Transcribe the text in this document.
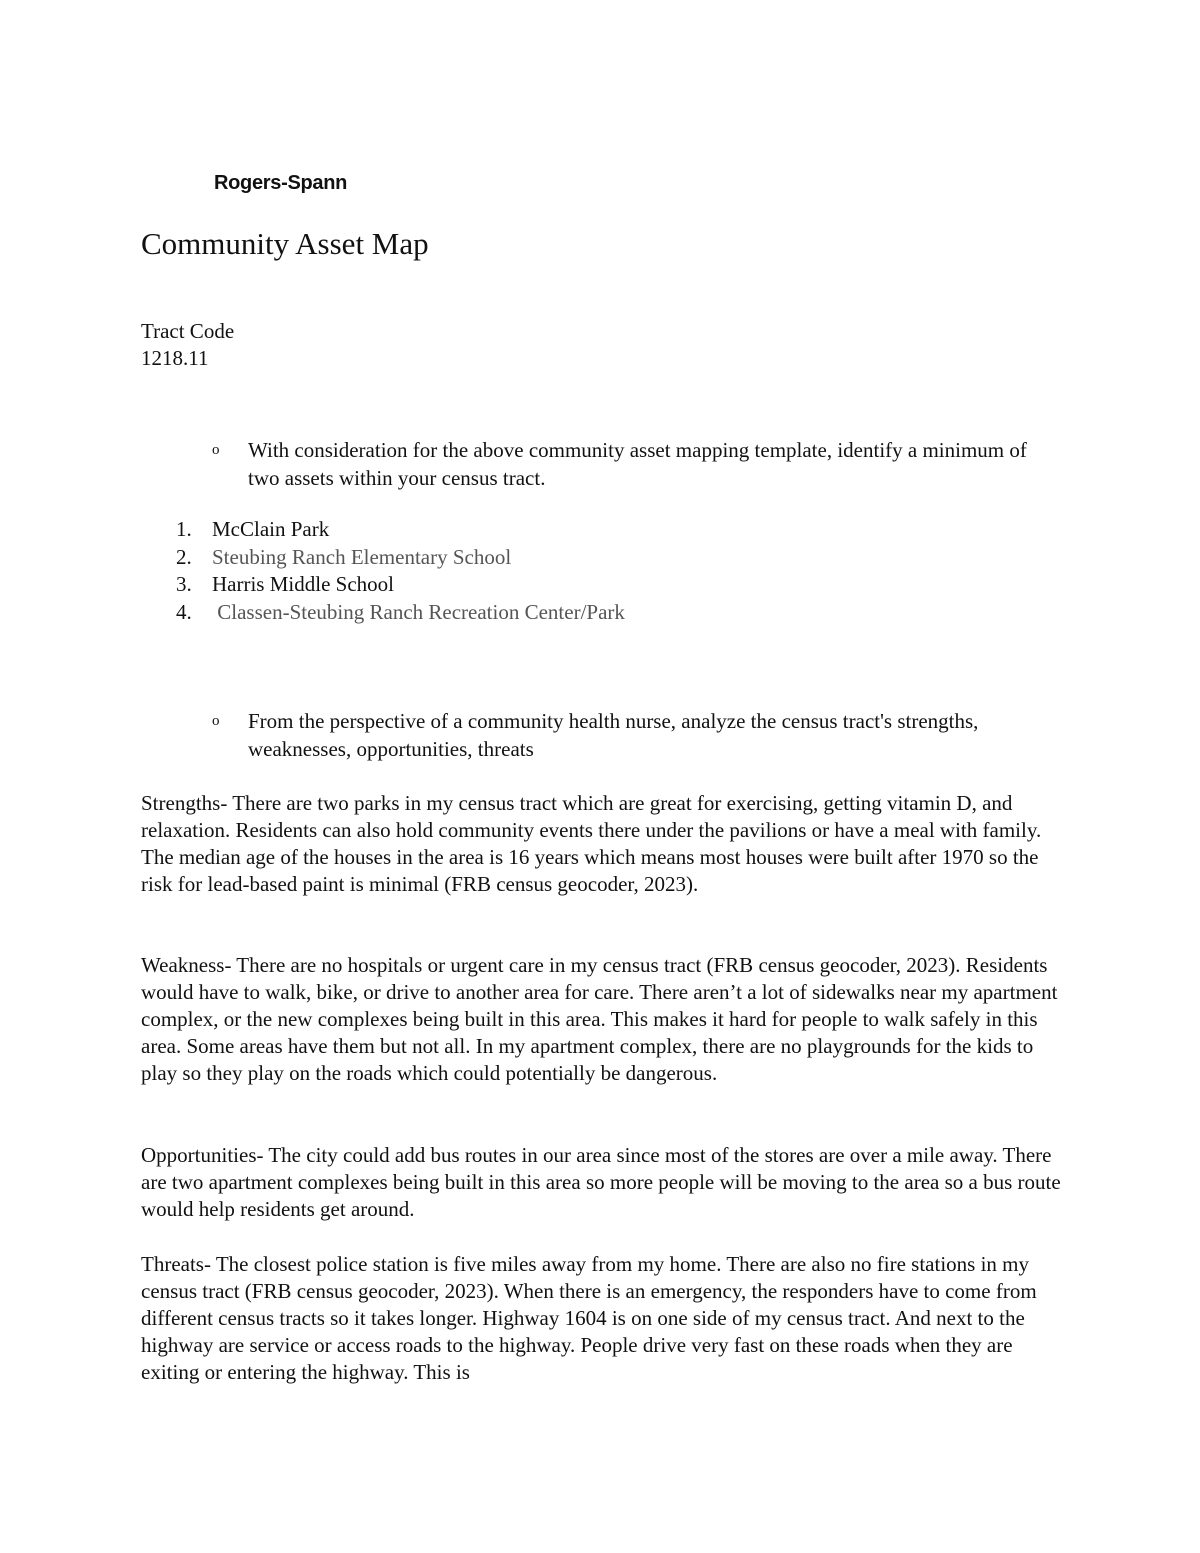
Rogers-Spann
Community Asset Map
Tract Code
1218.11
o With consideration for the above community asset mapping template, identify a minimum of two assets within your census tract.
1. McClain Park
2. Steubing Ranch Elementary School
3. Harris Middle School
4. Classen-Steubing Ranch Recreation Center/Park
o From the perspective of a community health nurse, analyze the census tract's strengths, weaknesses, opportunities, threats

Strengths- There are two parks in my census tract which are great for exercising, getting vitamin D, and relaxation. Residents can also hold community events there under the pavilions or have a meal with family. The median age of the houses in the area is 16 years which means most houses were built after 1970 so the risk for lead-based paint is minimal (FRB census geocoder, 2023).

Weakness- There are no hospitals or urgent care in my census tract (FRB census geocoder, 2023). Residents would have to walk, bike, or drive to another area for care. There aren’t a lot of sidewalks near my apartment complex, or the new complexes being built in this area. This makes it hard for people to walk safely in this area. Some areas have them but not all. In my apartment complex, there are no playgrounds for the kids to play so they play on the roads which could potentially be dangerous.

Opportunities- The city could add bus routes in our area since most of the stores are over a mile away. There are two apartment complexes being built in this area so more people will be moving to the area so a bus route would help residents get around.

Threats- The closest police station is five miles away from my home. There are also no fire stations in my census tract (FRB census geocoder, 2023). When there is an emergency, the responders have to come from different census tracts so it takes longer. Highway 1604 is on one side of my census tract. And next to the highway are service or access roads to the highway. People drive very fast on these roads when they are exiting or entering the highway. This is
